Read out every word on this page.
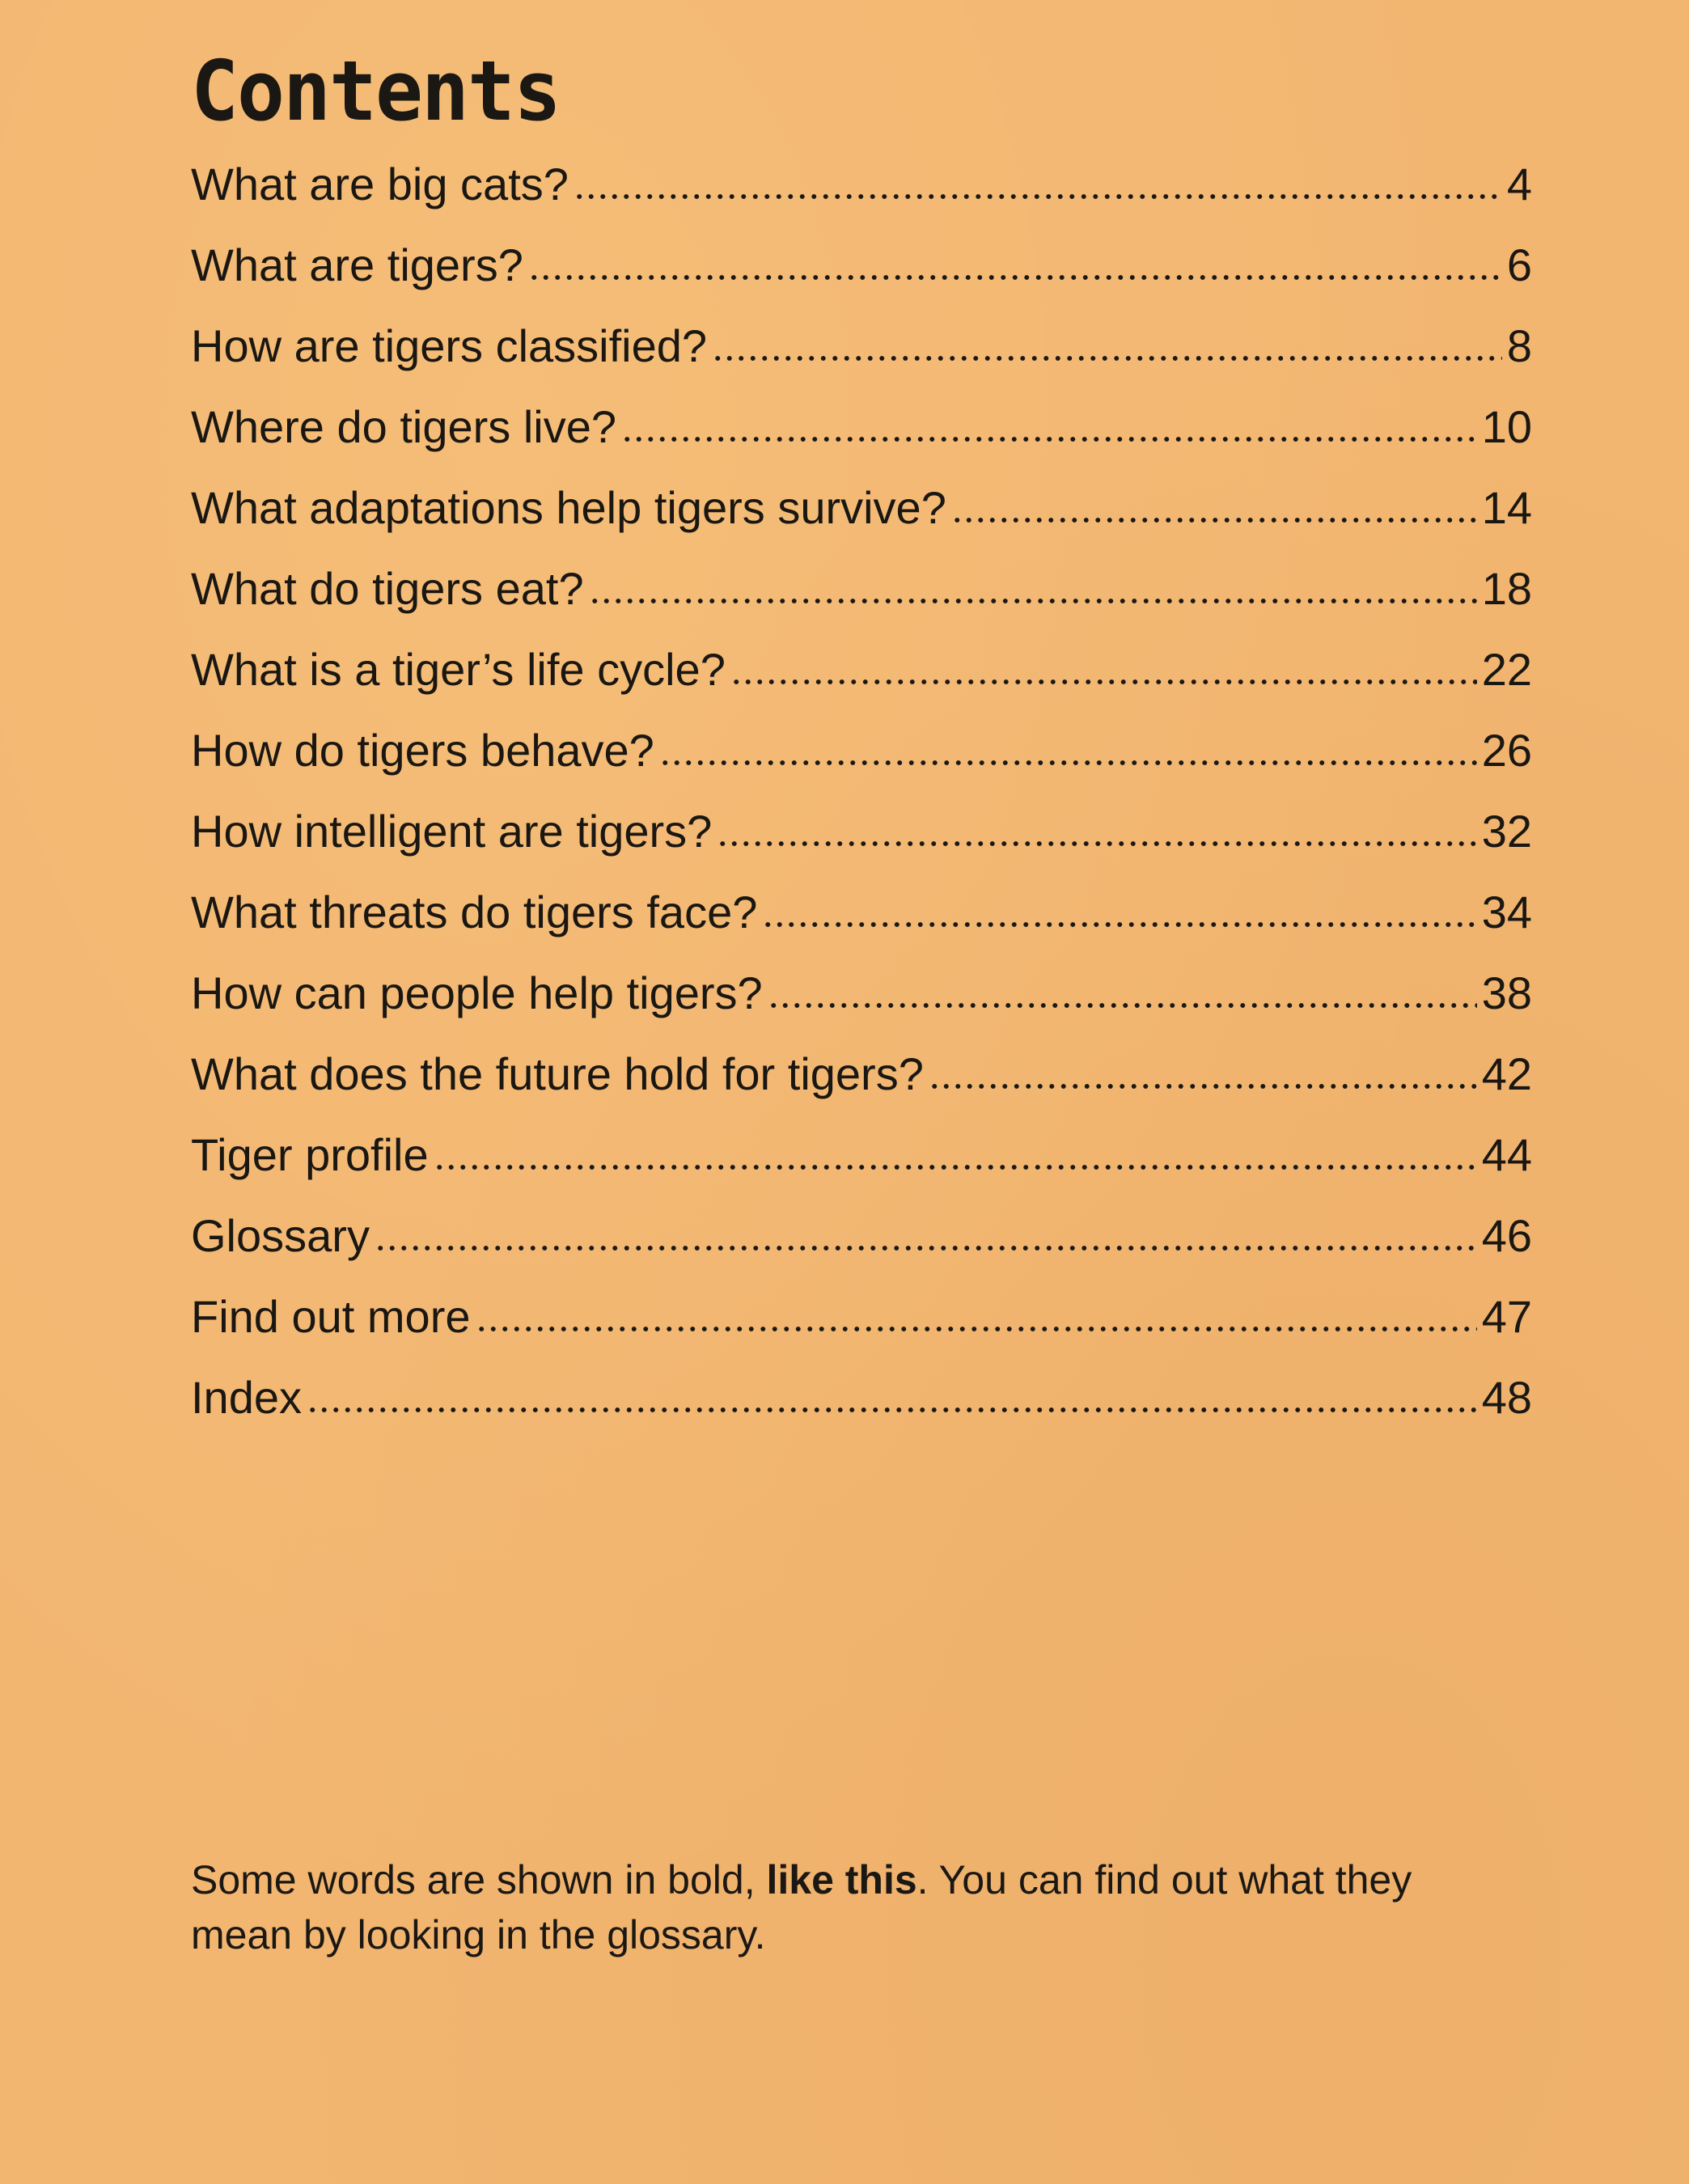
Contents
What are big cats?	4
What are tigers?	6
How are tigers classified?	8
Where do tigers live?	10
What adaptations help tigers survive?	14
What do tigers eat?	18
What is a tiger’s life cycle?	22
How do tigers behave?	26
How intelligent are tigers?	32
What threats do tigers face?	34
How can people help tigers?	38
What does the future hold for tigers?	42
Tiger profile	44
Glossary	46
Find out more	47
Index	48

Some words are shown in bold, like this. You can find out what they mean by looking in the glossary.
